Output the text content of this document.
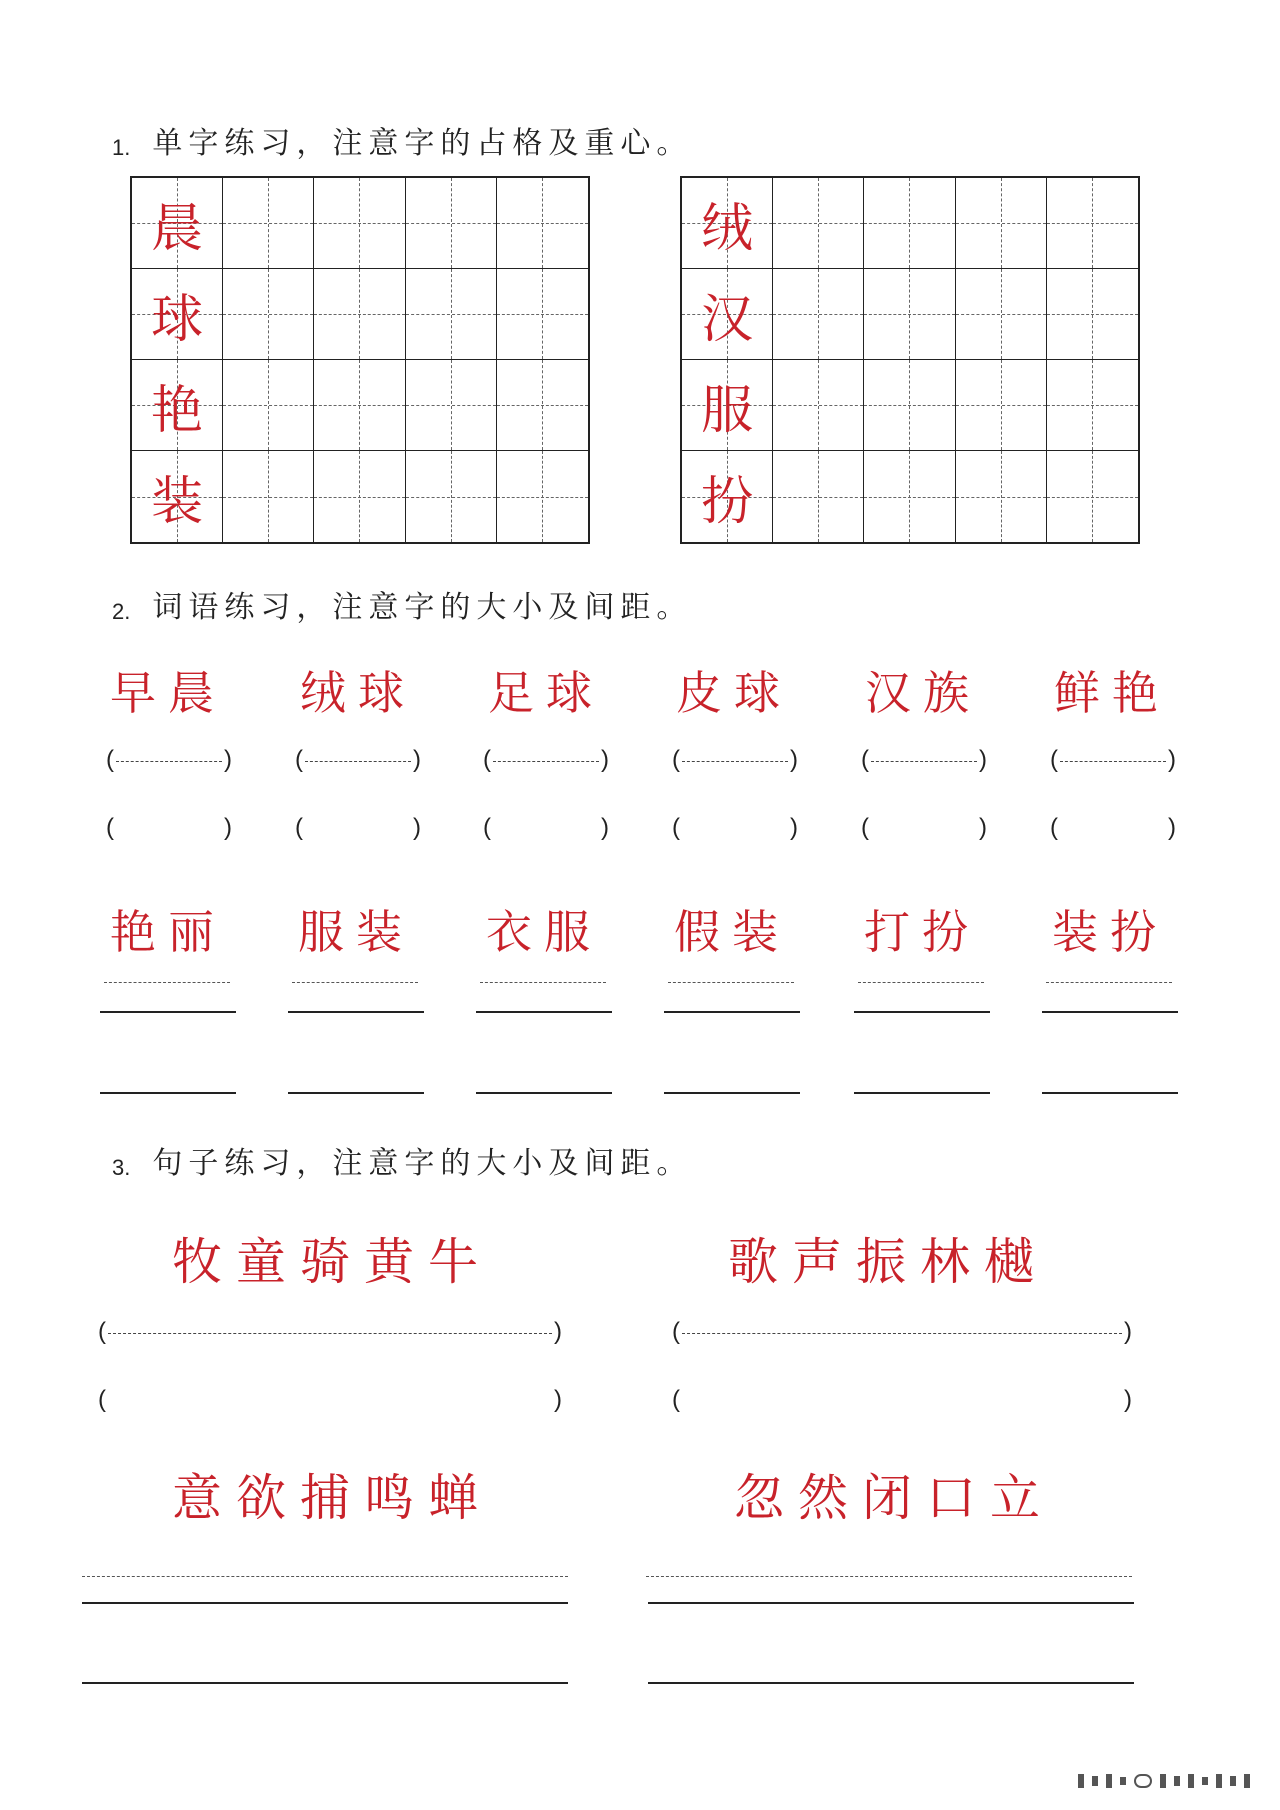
1. 单字练习，注意字的占格及重心。
晨
球
艳
装
绒
汉
服
扮
2. 词语练习，注意字的大小及间距。
早晨 绒球 足球 皮球 汉族 鲜艳
(	)	(	)	(	)	(	)	(	)	(	)
(	)	(	)	(	)	(	)	(	)	(	)
艳丽 服装 衣服 假装 打扮 装扮
3. 句子练习，注意字的大小及间距。
牧童骑黄牛	歌声振林樾
(	)	(	)
(	)	(	)
意欲捕鸣蝉	忽然闭口立
